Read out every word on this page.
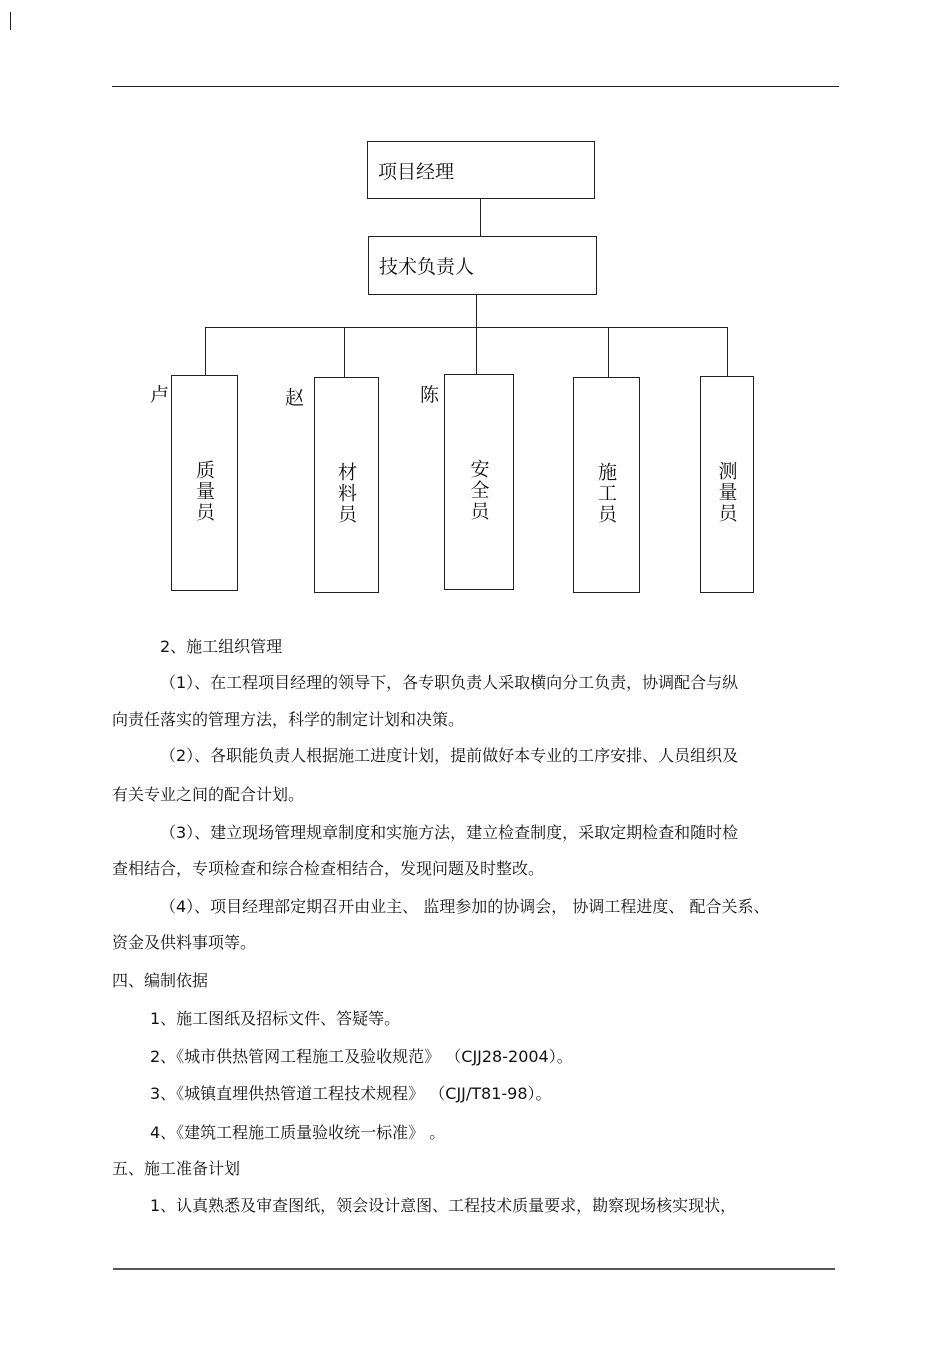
项目经理
技术负责人
卢	赵	陈
质量员	材料员	安全员	施工员	测量员
2、施工组织管理
（1）、在工程项目经理的领导下，各专职负责人采取横向分工负责，协调配合与纵
向责任落实的管理方法，科学的制定计划和决策。
（2）、各职能负责人根据施工进度计划，提前做好本专业的工序安排、人员组织及
有关专业之间的配合计划。
（3）、建立现场管理规章制度和实施方法，建立检查制度，采取定期检查和随时检
查相结合，专项检查和综合检查相结合，发现问题及时整改。
（4）、项目经理部定期召开由业主、 监理参加的协调会， 协调工程进度、 配合关系、
资金及供料事项等。
四、编制依据
1、施工图纸及招标文件、答疑等。
2、《城市供热管网工程施工及验收规范》 （CJJ28-2004）。
3、《城镇直埋供热管道工程技术规程》 （CJJ/T81-98）。
4、《建筑工程施工质量验收统一标准》 。
五、施工准备计划
1、认真熟悉及审查图纸，领会设计意图、工程技术质量要求，勘察现场核实现状，
